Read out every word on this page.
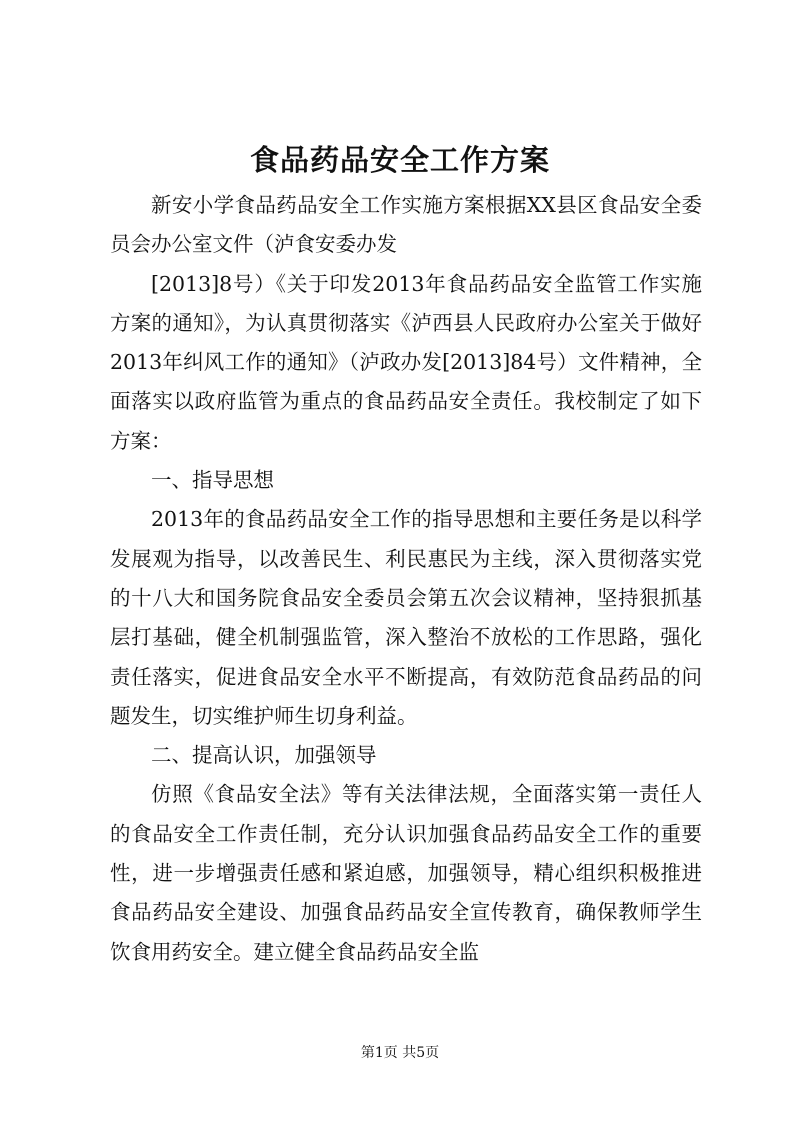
食品药品安全工作方案

新安小学食品药品安全工作实施方案根据XX县区食品安全委员会办公室文件（泸食安委办发

[2013]8号）《关于印发2013年食品药品安全监管工作实施方案的通知》，为认真贯彻落实《泸西县人民政府办公室关于做好2013年纠风工作的通知》（泸政办发[2013]84号）文件精神，全面落实以政府监管为重点的食品药品安全责任。我校制定了如下方案：

一、指导思想

2013年的食品药品安全工作的指导思想和主要任务是以科学发展观为指导，以改善民生、利民惠民为主线，深入贯彻落实党的十八大和国务院食品安全委员会第五次会议精神，坚持狠抓基层打基础，健全机制强监管，深入整治不放松的工作思路，强化责任落实，促进食品安全水平不断提高，有效防范食品药品的问题发生，切实维护师生切身利益。

二、提高认识，加强领导

仿照《食品安全法》等有关法律法规，全面落实第一责任人的食品安全工作责任制，充分认识加强食品药品安全工作的重要性，进一步增强责任感和紧迫感，加强领导，精心组织积极推进食品药品安全建设、加强食品药品安全宣传教育，确保教师学生饮食用药安全。建立健全食品药品安全监

第1页 共5页
